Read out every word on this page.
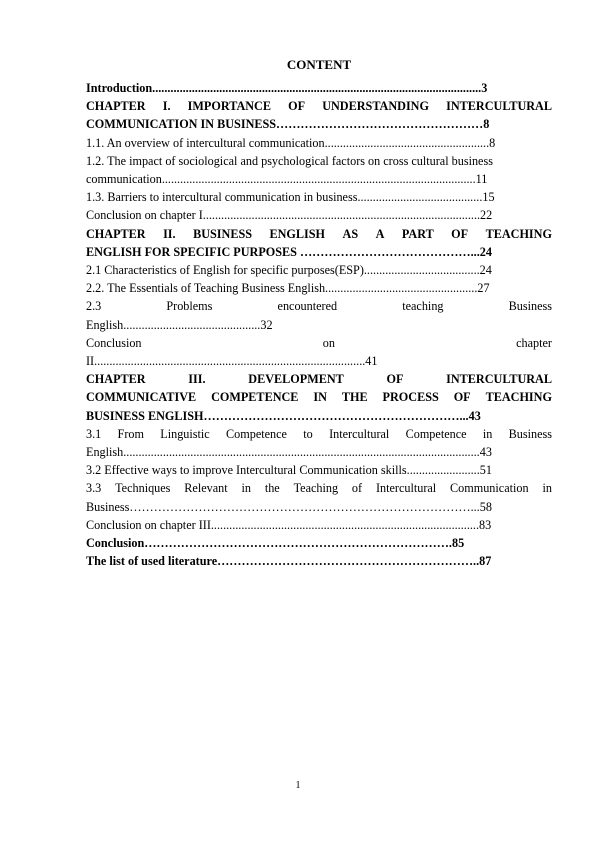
CONTENT
Introduction............................................................................................................3
CHAPTER I. IMPORTANCE OF UNDERSTANDING INTERCULTURAL
COMMUNICATION IN BUSINESS……………………………………………8
1.1. An overview of intercultural communication......................................................8
1.2. The impact of sociological and psychological factors on cross cultural business
communication.......................................................................................................11
1.3. Barriers to intercultural communication in business.........................................15
Conclusion on chapter I...........................................................................................22
CHAPTER II. BUSINESS ENGLISH AS A PART OF TEACHING
ENGLISH FOR SPECIFIC PURPOSES ……………………………………...24
2.1 Characteristics of English for specific purposes(ESP)......................................24
2.2. The Essentials of Teaching Business English..................................................27
2.3	Problems	encountered	teaching	Business
English.............................................32
Conclusion	on	chapter
II.........................................................................................41
CHAPTER	III.	DEVELOPMENT	OF	INTERCULTURAL
COMMUNICATIVE COMPETENCE IN THE PROCESS OF TEACHING
BUSINESS ENGLISH………………………………………………………...43
3.1 From Linguistic Competence to Intercultural Competence in Business
English.....................................................................................................................43
3.2 Effective ways to improve Intercultural Communication skills........................51
3.3 Techniques Relevant in the Teaching of Intercultural Communication in
Business…………………………………………………………………………...58
Conclusion on chapter III........................................................................................83
Conclusion………………………………………………………………….85
The list of used literature………………………………………………………..87
1
